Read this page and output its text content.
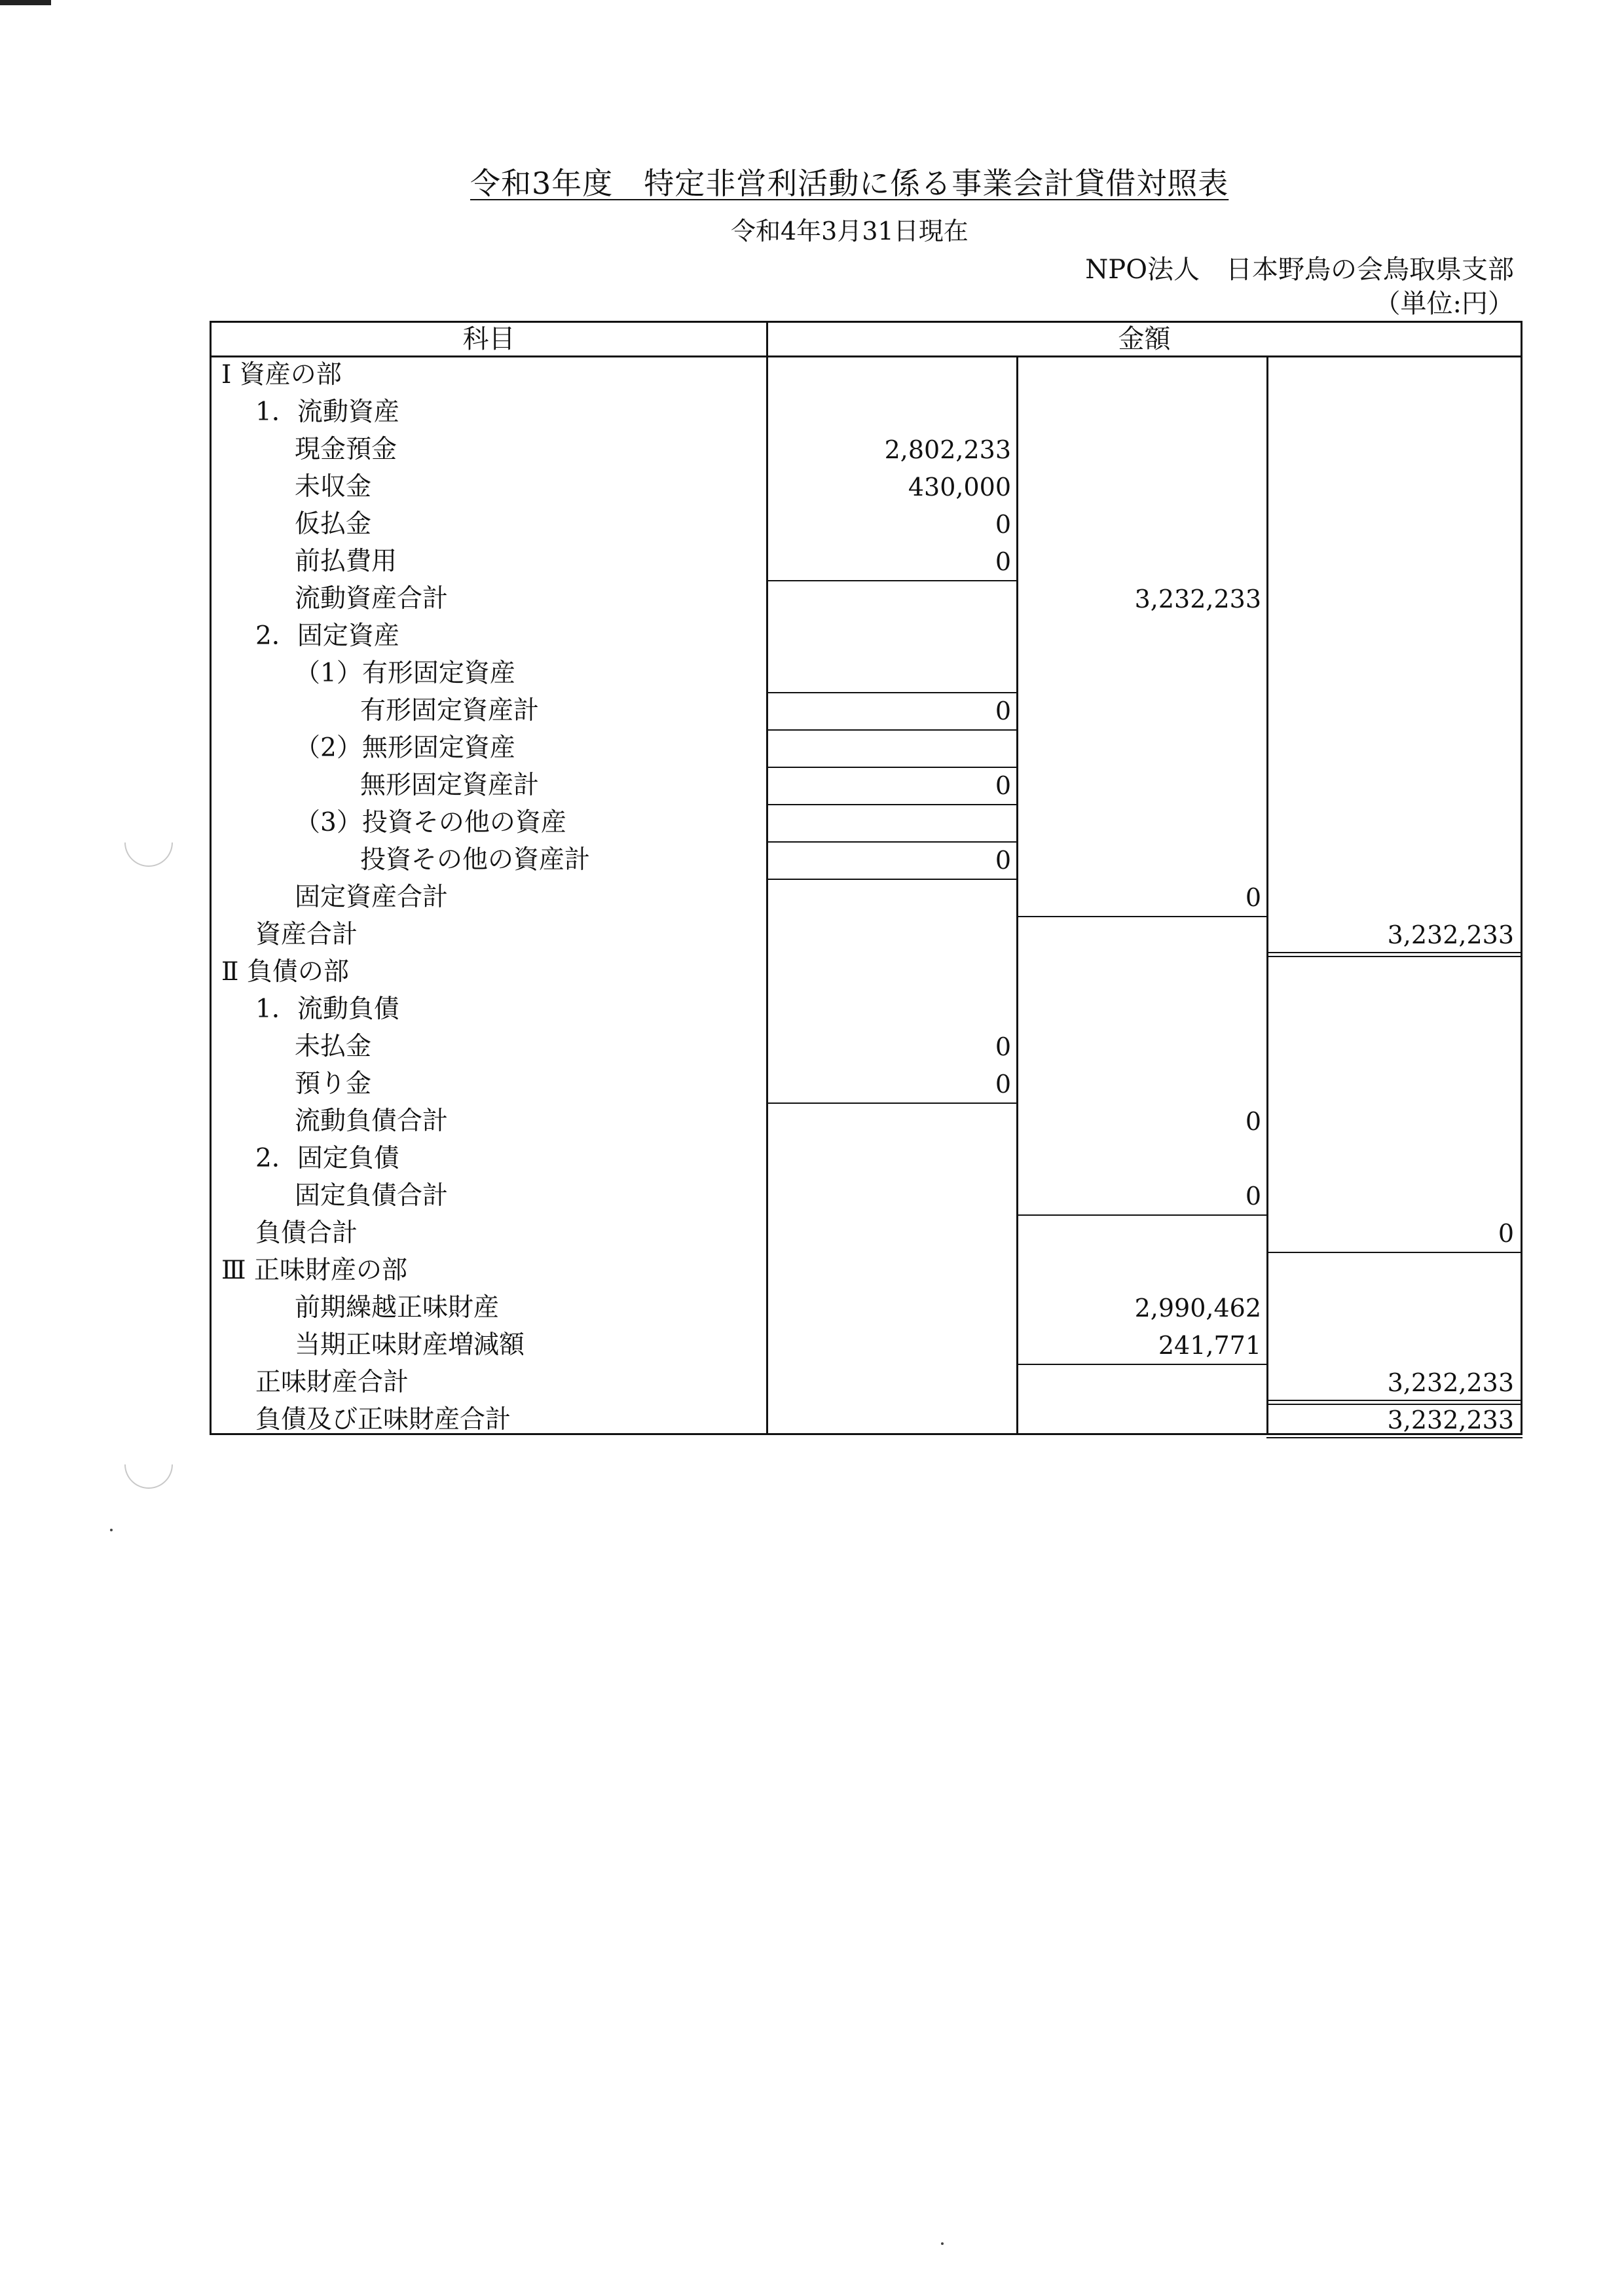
令和3年度　特定非営利活動に係る事業会計貸借対照表
令和4年3月31日現在
NPO法人　日本野鳥の会鳥取県支部
（単位:円）
科目	金額
Ⅰ 資産の部
1．流動資産
現金預金	2,802,233
未収金	430,000
仮払金	0
前払費用	0
流動資産合計	3,232,233
2．固定資産
（1）有形固定資産
有形固定資産計	0
（2）無形固定資産
無形固定資産計	0
（3）投資その他の資産
投資その他の資産計	0
固定資産合計	0
資産合計	3,232,233
Ⅱ 負債の部
1．流動負債
未払金	0
預り金	0
流動負債合計	0
2．固定負債
固定負債合計	0
負債合計	0
Ⅲ 正味財産の部
前期繰越正味財産	2,990,462
当期正味財産増減額	241,771
正味財産合計	3,232,233
負債及び正味財産合計	3,232,233
